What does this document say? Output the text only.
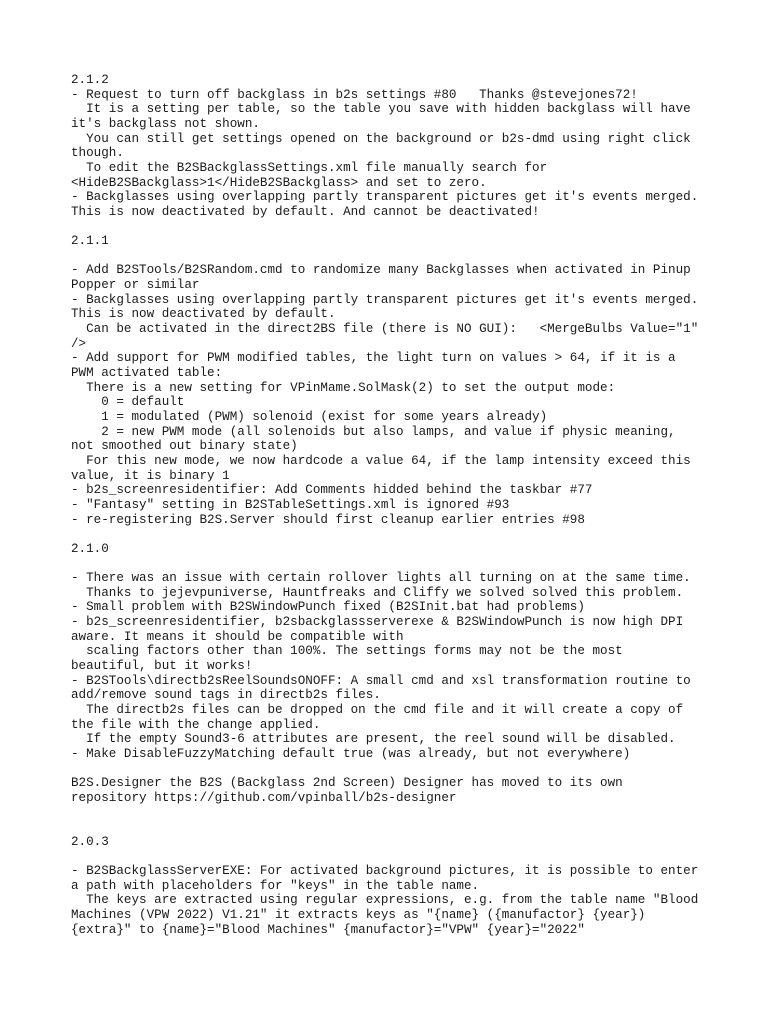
2.1.2
- Request to turn off backglass in b2s settings #80   Thanks @stevejones72!
It is a setting per table, so the table you save with hidden backglass will have
it's backglass not shown.
You can still get settings opened on the background or b2s-dmd using right click
though.
To edit the B2SBackglassSettings.xml file manually search for
<HideB2SBackglass>1</HideB2SBackglass> and set to zero.
- Backglasses using overlapping partly transparent pictures get it's events merged.
This is now deactivated by default. And cannot be deactivated!
2.1.1
- Add B2STools/B2SRandom.cmd to randomize many Backglasses when activated in Pinup
Popper or similar
- Backglasses using overlapping partly transparent pictures get it's events merged.
This is now deactivated by default.
Can be activated in the direct2BS file (there is NO GUI):   <MergeBulbs Value="1"
/>
- Add support for PWM modified tables, the light turn on values > 64, if it is a
PWM activated table:
There is a new setting for VPinMame.SolMask(2) to set the output mode:
0 = default
1 = modulated (PWM) solenoid (exist for some years already)
2 = new PWM mode (all solenoids but also lamps, and value if physic meaning,
not smoothed out binary state)
For this new mode, we now hardcode a value 64, if the lamp intensity exceed this
value, it is binary 1
- b2s_screenresidentifier: Add Comments hidded behind the taskbar #77
- "Fantasy" setting in B2STableSettings.xml is ignored #93
- re-registering B2S.Server should first cleanup earlier entries #98
2.1.0
- There was an issue with certain rollover lights all turning on at the same time.
Thanks to jejevpuniverse, Hauntfreaks and Cliffy we solved solved this problem.
- Small problem with B2SWindowPunch fixed (B2SInit.bat had problems)
- b2s_screenresidentifier, b2sbackglassserverexe & B2SWindowPunch is now high DPI
aware. It means it should be compatible with
scaling factors other than 100%. The settings forms may not be the most
beautiful, but it works!
- B2STools\directb2sReelSoundsONOFF: A small cmd and xsl transformation routine to
add/remove sound tags in directb2s files.
The directb2s files can be dropped on the cmd file and it will create a copy of
the file with the change applied.
If the empty Sound3-6 attributes are present, the reel sound will be disabled.
- Make DisableFuzzyMatching default true (was already, but not everywhere)
B2S.Designer the B2S (Backglass 2nd Screen) Designer has moved to its own
repository https://github.com/vpinball/b2s-designer
2.0.3
- B2SBackglassServerEXE: For activated background pictures, it is possible to enter
a path with placeholders for "keys" in the table name.
The keys are extracted using regular expressions, e.g. from the table name "Blood
Machines (VPW 2022) V1.21" it extracts keys as "{name} ({manufactor} {year})
{extra}" to {name}="Blood Machines" {manufactor}="VPW" {year}="2022"
